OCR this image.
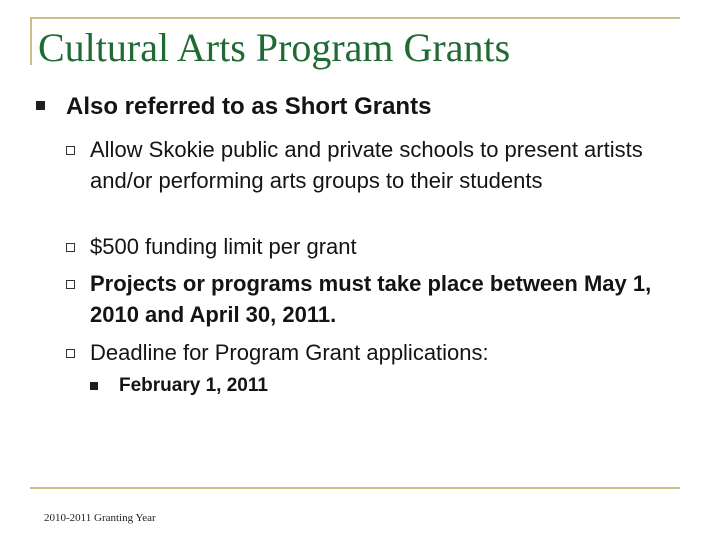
Cultural Arts Program Grants
Also referred to as Short Grants
Allow Skokie public and private schools to present artists and/or performing arts groups to their students
$500 funding limit per grant
Projects or programs must take place between May 1, 2010 and April 30, 2011.
Deadline for Program Grant applications:
February 1, 2011
2010-2011 Granting Year
